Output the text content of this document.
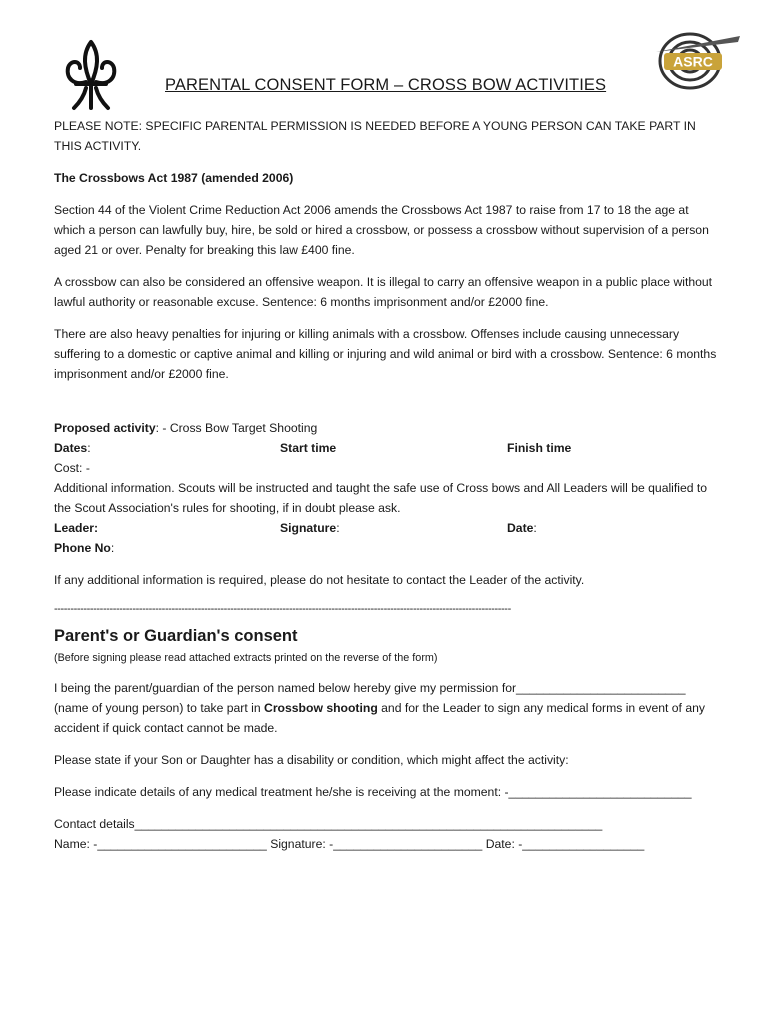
ASRC
PARENTAL CONSENT FORM – CROSS BOW ACTIVITIES

PLEASE NOTE: SPECIFIC PARENTAL PERMISSION IS NEEDED BEFORE A YOUNG PERSON CAN TAKE PART IN THIS ACTIVITY.

The Crossbows Act 1987 (amended 2006)

Section 44 of the Violent Crime Reduction Act 2006 amends the Crossbows Act 1987 to raise from 17 to 18 the age at which a person can lawfully buy, hire, be sold or hired a crossbow, or possess a crossbow without supervision of a person aged 21 or over. Penalty for breaking this law £400 fine.

A crossbow can also be considered an offensive weapon. It is illegal to carry an offensive weapon in a public place without lawful authority or reasonable excuse. Sentence: 6 months imprisonment and/or £2000 fine.

There are also heavy penalties for injuring or killing animals with a crossbow. Offenses include causing unnecessary suffering to a domestic or captive animal and killing or injuring and wild animal or bird with a crossbow. Sentence: 6 months imprisonment and/or £2000 fine.

Proposed activity: - Cross Bow Target Shooting

Dates:	Start time	Finish time

Cost: -

Additional information. Scouts will be instructed and taught the safe use of Cross bows and All Leaders will be qualified to the Scout Association's rules for shooting, if in doubt please ask.

Leader:	Signature:	Date:

Phone No:

If any additional information is required, please do not hesitate to contact the Leader of the activity.

--------------------------------------------------------------------------------------------------------------------------------------------
Parent's or Guardian's consent

(Before signing please read attached extracts printed on the reverse of the form)

I being the parent/guardian of the person named below hereby give my permission for_________________________
(name of young person) to take part in Crossbow shooting and for the Leader to sign any medical forms in event of any accident if quick contact cannot be made.

Please state if your Son or Daughter has a disability or condition, which might affect the activity:

Please indicate details of any medical treatment he/she is receiving at the moment: -___________________________

Contact details_____________________________________________________________________

Name: -_________________________ Signature: -______________________ Date: -__________________
